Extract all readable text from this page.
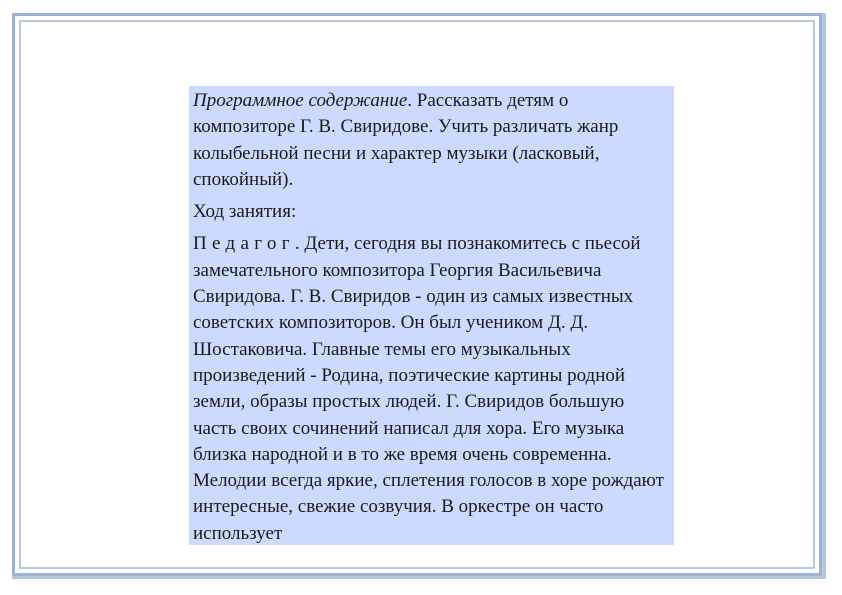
Программное содержание. Рассказать детям о композиторе Г. В. Свиридове. Учить различать жанр колыбельной песни и характер музыки (ласковый, спокойный).

Ход занятия:

Педагог. Дети, сегодня вы познакомитесь с пьесой замечательного композитора Георгия Васильевича Свиридова. Г. В. Свиридов - один из самых известных советских композиторов. Он был учеником Д. Д. Шостаковича. Главные темы его музыкальных произведений - Родина, поэтические картины родной земли, образы простых людей. Г. Свиридов большую часть своих сочинений написал для хора. Его музыка близка народной и в то же время очень современна. Мелодии всегда яркие, сплетения голосов в хоре рождают интересные, свежие созвучия. В оркестре он часто использует
